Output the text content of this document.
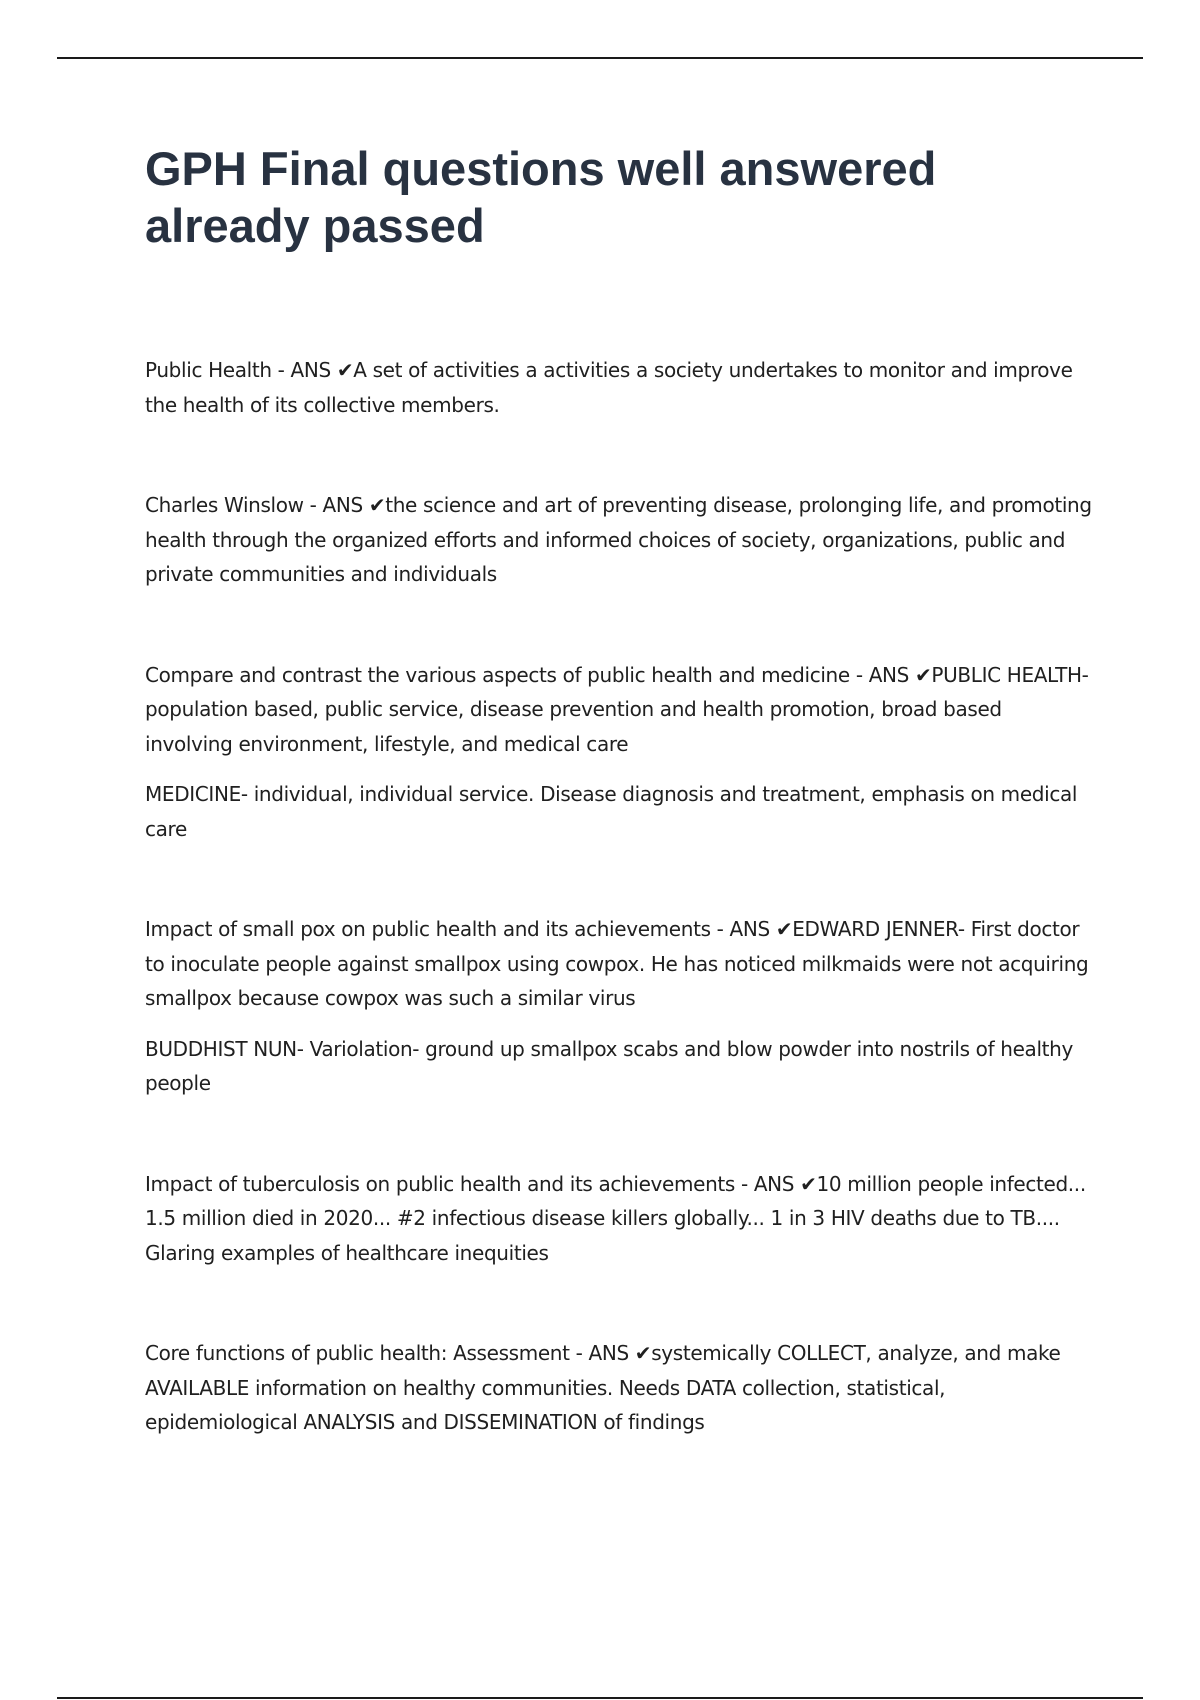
GPH Final questions well answered already passed

Public Health - ANS ✔A set of activities a activities a society undertakes to monitor and improve the health of its collective members.

Charles Winslow - ANS ✔the science and art of preventing disease, prolonging life, and promoting health through the organized efforts and informed choices of society, organizations, public and private communities and individuals

Compare and contrast the various aspects of public health and medicine - ANS ✔PUBLIC HEALTH- population based, public service, disease prevention and health promotion, broad based involving environment, lifestyle, and medical care

MEDICINE- individual, individual service. Disease diagnosis and treatment, emphasis on medical care

Impact of small pox on public health and its achievements - ANS ✔EDWARD JENNER- First doctor to inoculate people against smallpox using cowpox. He has noticed milkmaids were not acquiring smallpox because cowpox was such a similar virus

BUDDHIST NUN- Variolation- ground up smallpox scabs and blow powder into nostrils of healthy people

Impact of tuberculosis on public health and its achievements - ANS ✔10 million people infected... 1.5 million died in 2020... #2 infectious disease killers globally... 1 in 3 HIV deaths due to TB.... Glaring examples of healthcare inequities

Core functions of public health: Assessment - ANS ✔systemically COLLECT, analyze, and make AVAILABLE information on healthy communities. Needs DATA collection, statistical, epidemiological ANALYSIS and DISSEMINATION of findings
